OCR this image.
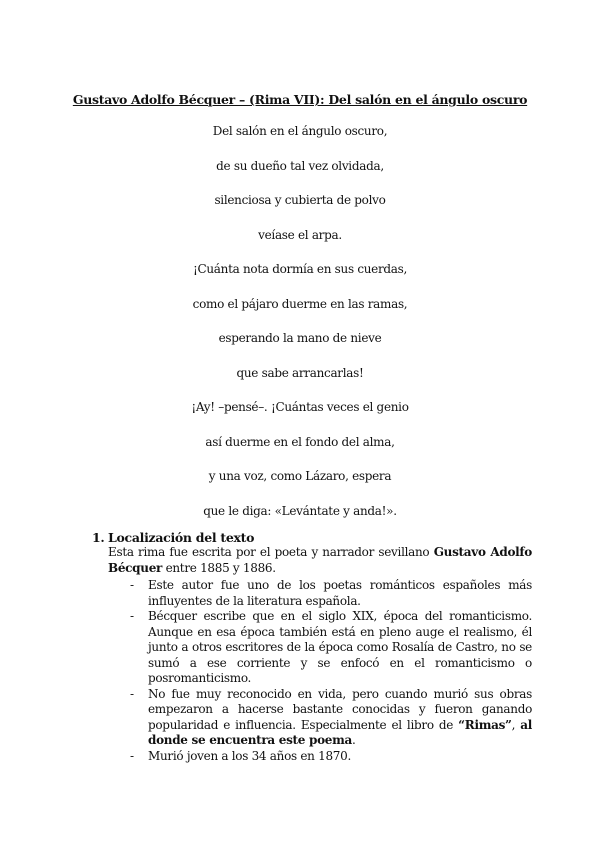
Gustavo Adolfo Bécquer – (Rima VII): Del salón en el ángulo oscuro
Del salón en el ángulo oscuro,
de su dueño tal vez olvidada,
silenciosa y cubierta de polvo
veíase el arpa.
¡Cuánta nota dormía en sus cuerdas,
como el pájaro duerme en las ramas,
esperando la mano de nieve
que sabe arrancarlas!
¡Ay! –pensé–. ¡Cuántas veces el genio
así duerme en el fondo del alma,
y una voz, como Lázaro, espera
que le diga: «Levántate y anda!».
1. Localización del texto
Esta rima fue escrita por el poeta y narrador sevillano Gustavo Adolfo Bécquer entre 1885 y 1886.
- Este autor fue uno de los poetas románticos españoles más influyentes de la literatura española.
- Bécquer escribe que en el siglo XIX, época del romanticismo. Aunque en esa época también está en pleno auge el realismo, él junto a otros escritores de la época como Rosalía de Castro, no se sumó a ese corriente y se enfocó en el romanticismo o posromanticismo.
- No fue muy reconocido en vida, pero cuando murió sus obras empezaron a hacerse bastante conocidas y fueron ganando popularidad e influencia. Especialmente el libro de “Rimas”, al donde se encuentra este poema.
- Murió joven a los 34 años en 1870.
